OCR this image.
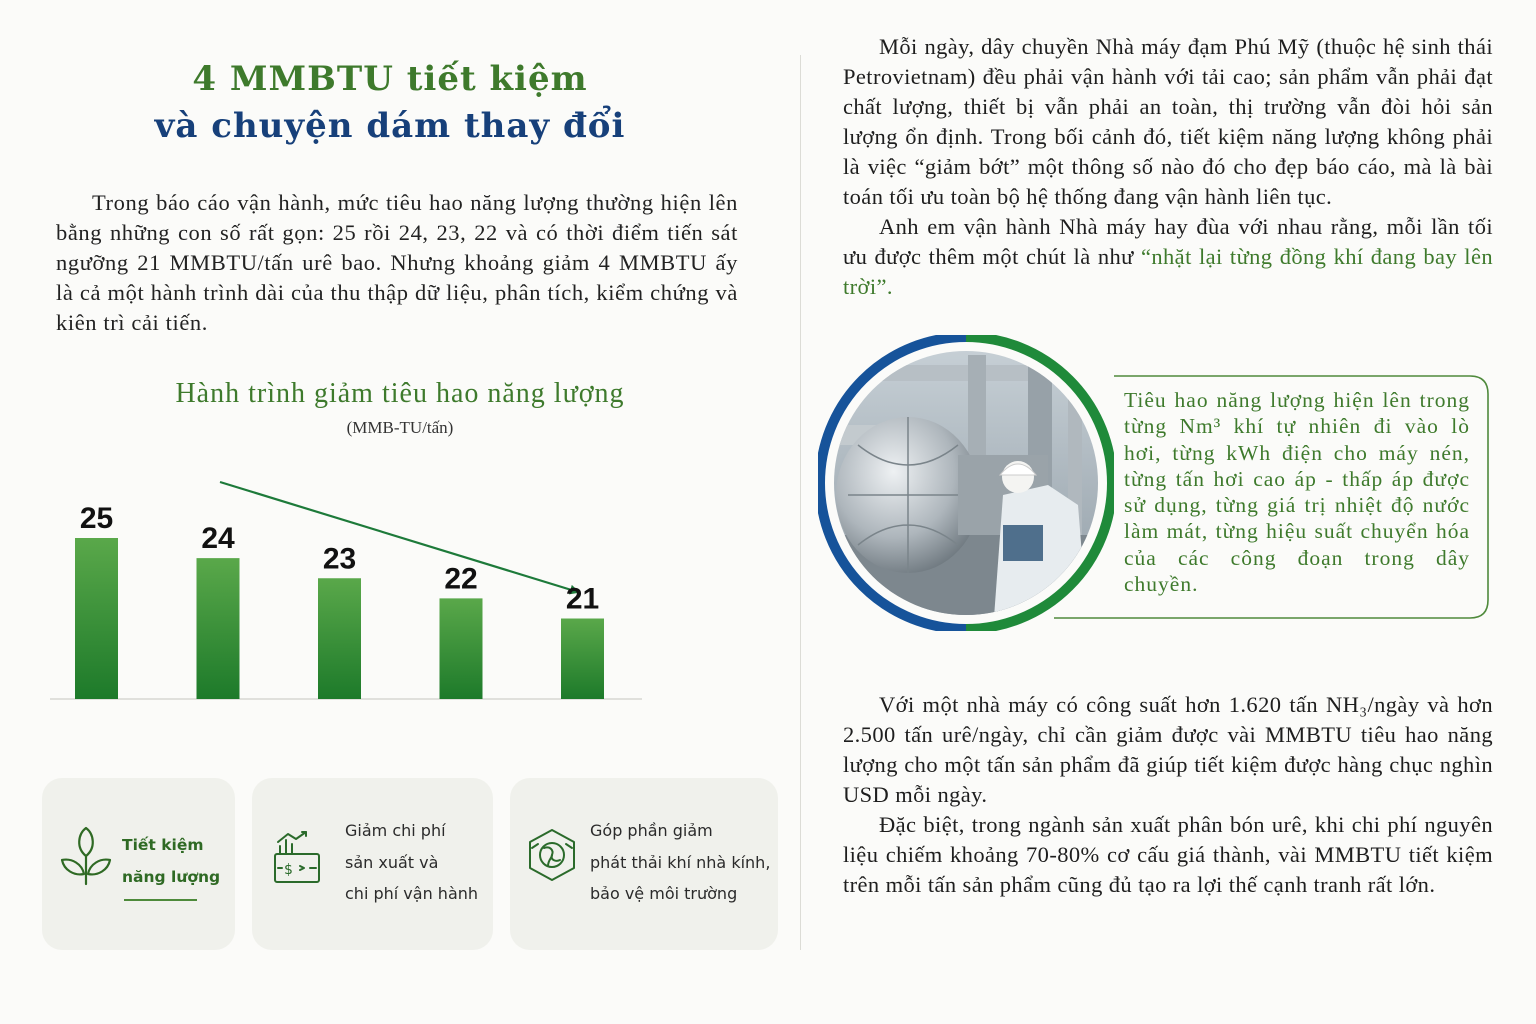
4 MMBTU tiết kiệm
và chuyện dám thay đổi

Trong báo cáo vận hành, mức tiêu hao năng lượng thường hiện lên bằng những con số rất gọn: 25 rồi 24, 23, 22 và có thời điểm tiến sát ngưỡng 21 MMBTU/tấn urê bao. Nhưng khoảng giảm 4 MMBTU ấy là cả một hành trình dài của thu thập dữ liệu, phân tích, kiểm chứng và kiên trì cải tiến.

Hành trình giảm tiêu hao năng lượng
(MMB-TU/tấn)
25
24
23
22
21
Tiết kiệm
năng lượng	$
Giảm chi phí
sản xuất và
chi phí vận hành
Góp phần giảm
phát thải khí nhà kính,
bảo vệ môi trường

Mỗi ngày, dây chuyền Nhà máy đạm Phú Mỹ (thuộc hệ sinh thái Petrovietnam) đều phải vận hành với tải cao; sản phẩm vẫn phải đạt chất lượng, thiết bị vẫn phải an toàn, thị trường vẫn đòi hỏi sản lượng ổn định. Trong bối cảnh đó, tiết kiệm năng lượng không phải là việc “giảm bớt” một thông số nào đó cho đẹp báo cáo, mà là bài toán tối ưu toàn bộ hệ thống đang vận hành liên tục.

Anh em vận hành Nhà máy hay đùa với nhau rằng, mỗi lần tối ưu được thêm một chút là như “nhặt lại từng đồng khí đang bay lên trời”.

Tiêu hao năng lượng hiện lên trong từng Nm³ khí tự nhiên đi vào lò hơi, từng kWh điện cho máy nén, từng tấn hơi cao áp - thấp áp được sử dụng, từng giá trị nhiệt độ nước làm mát, từng hiệu suất chuyển hóa của các công đoạn trong dây chuyền.

Với một nhà máy có công suất hơn 1.620 tấn NH₃/ngày và hơn 2.500 tấn urê/ngày, chỉ cần giảm được vài MMBTU tiêu hao năng lượng cho một tấn sản phẩm đã giúp tiết kiệm được hàng chục nghìn USD mỗi ngày.

Đặc biệt, trong ngành sản xuất phân bón urê, khi chi phí nguyên liệu chiếm khoảng 70-80% cơ cấu giá thành, vài MMBTU tiết kiệm trên mỗi tấn sản phẩm cũng đủ tạo ra lợi thế cạnh tranh rất lớn.
